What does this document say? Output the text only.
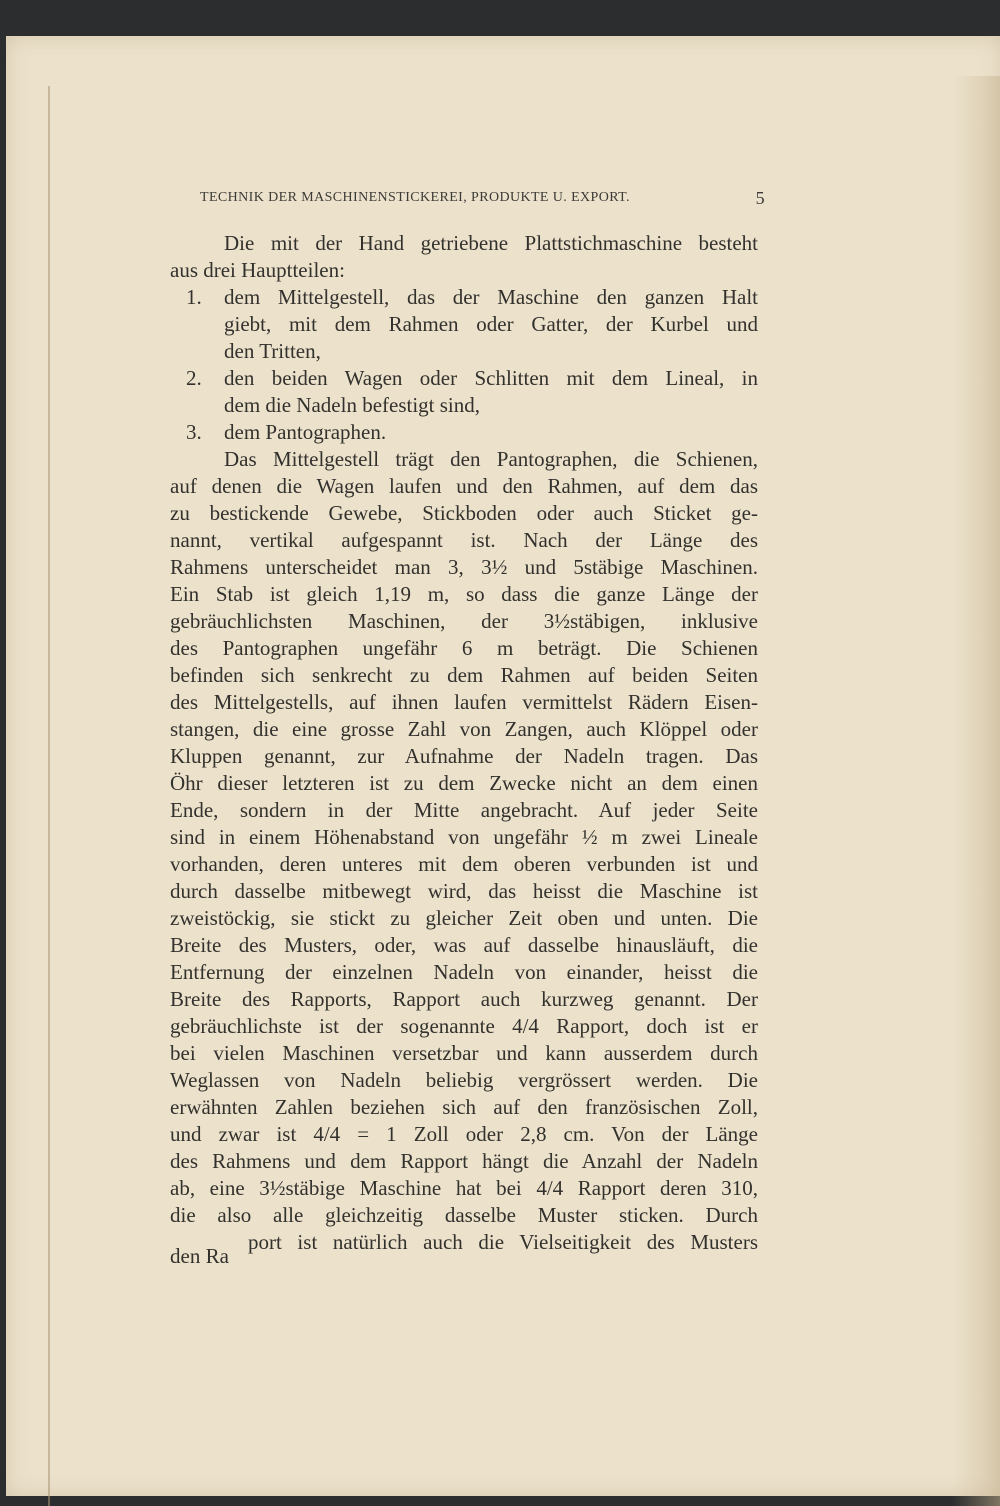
TECHNIK DER MASCHINENSTICKEREI, PRODUKTE U. EXPORT.	5
Die mit der Hand getriebene Plattstichmaschine besteht
aus drei Hauptteilen:
1. dem Mittelgestell, das der Maschine den ganzen Halt
giebt, mit dem Rahmen oder Gatter, der Kurbel und
den Tritten,
2. den beiden Wagen oder Schlitten mit dem Lineal, in
dem die Nadeln befestigt sind,
3. dem Pantographen.
Das Mittelgestell trägt den Pantographen, die Schienen,
auf denen die Wagen laufen und den Rahmen, auf dem das
zu bestickende Gewebe, Stickboden oder auch Sticket ge-
nannt, vertikal aufgespannt ist. Nach der Länge des
Rahmens unterscheidet man 3, 3½ und 5stäbige Maschinen.
Ein Stab ist gleich 1,19 m, so dass die ganze Länge der
gebräuchlichsten Maschinen, der 3½stäbigen, inklusive
des Pantographen ungefähr 6 m beträgt. Die Schienen
befinden sich senkrecht zu dem Rahmen auf beiden Seiten
des Mittelgestells, auf ihnen laufen vermittelst Rädern Eisen-
stangen, die eine grosse Zahl von Zangen, auch Klöppel oder
Kluppen genannt, zur Aufnahme der Nadeln tragen. Das
Öhr dieser letzteren ist zu dem Zwecke nicht an dem einen
Ende, sondern in der Mitte angebracht. Auf jeder Seite
sind in einem Höhenabstand von ungefähr ½ m zwei Lineale
vorhanden, deren unteres mit dem oberen verbunden ist und
durch dasselbe mitbewegt wird, das heisst die Maschine ist
zweistöckig, sie stickt zu gleicher Zeit oben und unten. Die
Breite des Musters, oder, was auf dasselbe hinausläuft, die
Entfernung der einzelnen Nadeln von einander, heisst die
Breite des Rapports, Rapport auch kurzweg genannt. Der
gebräuchlichste ist der sogenannte 4/4 Rapport, doch ist er
bei vielen Maschinen versetzbar und kann ausserdem durch
Weglassen von Nadeln beliebig vergrössert werden. Die
erwähnten Zahlen beziehen sich auf den französischen Zoll,
und zwar ist 4/4 = 1 Zoll oder 2,8 cm. Von der Länge
des Rahmens und dem Rapport hängt die Anzahl der Nadeln
ab, eine 3½stäbige Maschine hat bei 4/4 Rapport deren 310,
die also alle gleichzeitig dasselbe Muster sticken. Durch
den Ra
port ist natürlich auch die Vielseitigkeit des Musters
